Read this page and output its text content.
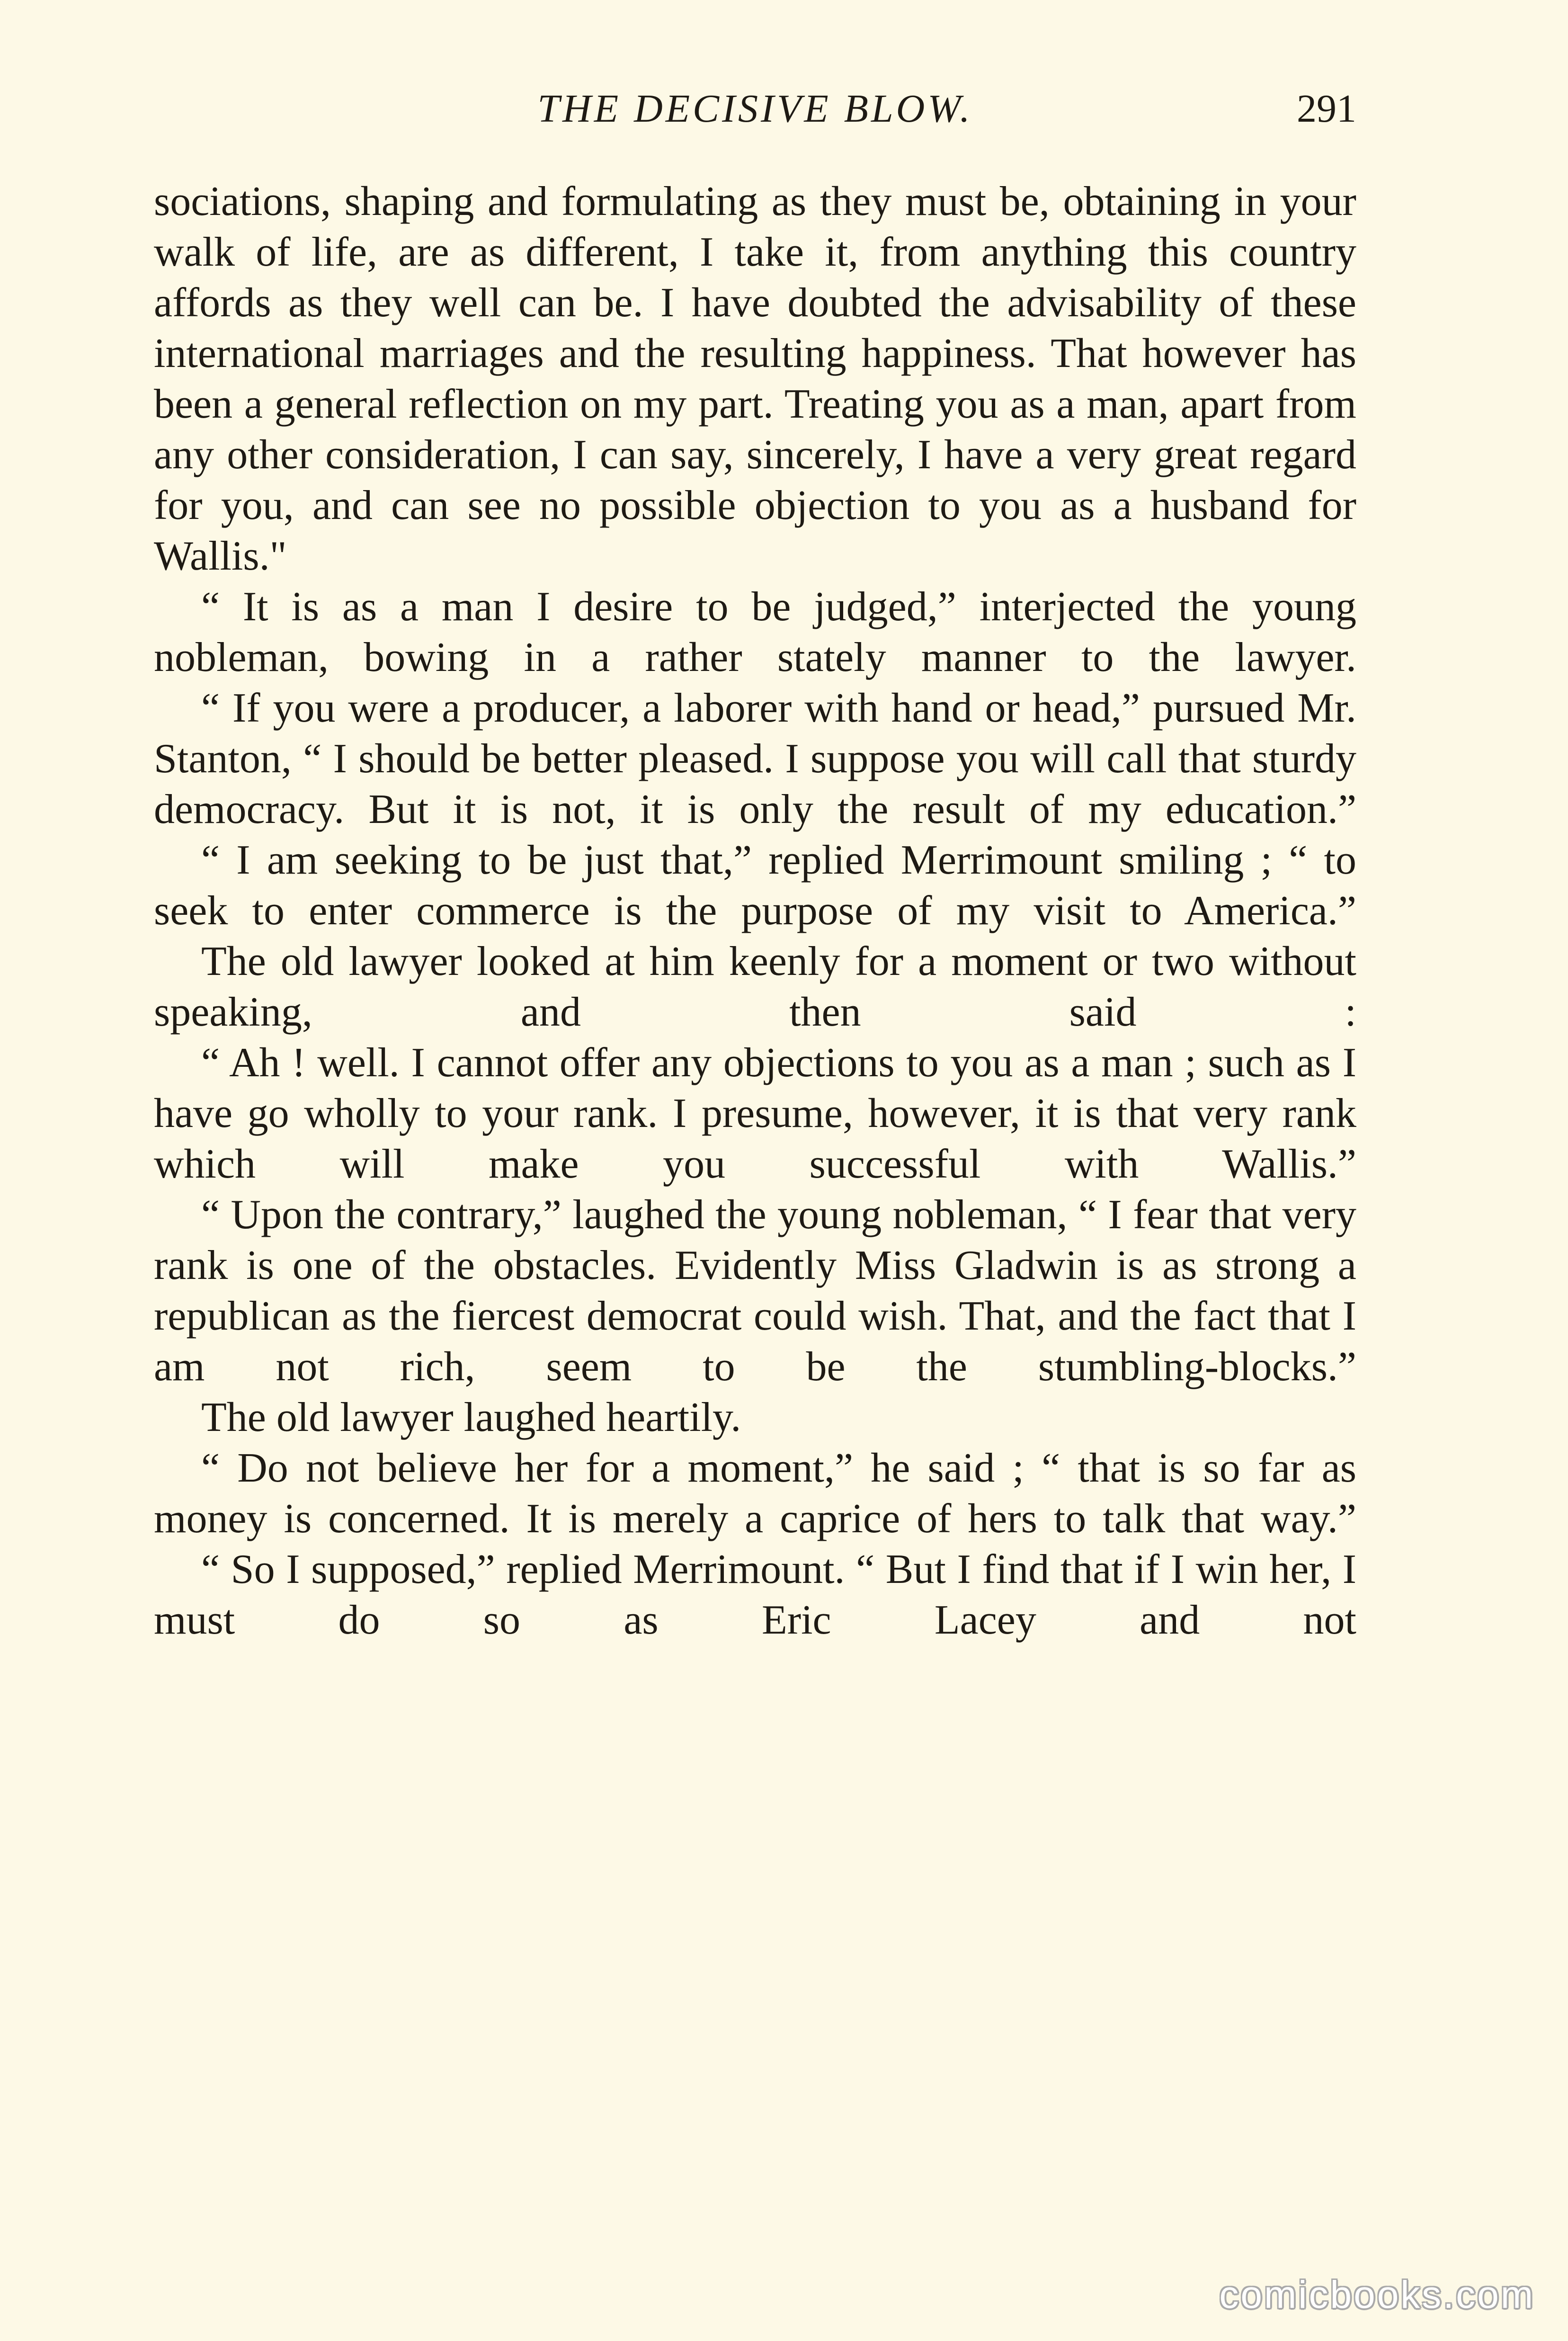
THE DECISIVE BLOW.	291

sociations, shaping and formulating as they must be, obtaining in your walk of life, are as different, I take it, from anything this country affords as they well can be. I have doubted the advisability of these international marriages and the resulting happiness. That however has been a general reflection on my part. Treating you as a man, apart from any other consideration, I can say, sincerely, I have a very great regard for you, and can see no possible objection to you as a husband for Wallis."

“ It is as a man I desire to be judged,” interjected the young nobleman, bowing in a rather stately manner to the lawyer.

“ If you were a producer, a laborer with hand or head,” pursued Mr. Stanton, “ I should be better pleased. I suppose you will call that sturdy democracy. But it is not, it is only the result of my education.”

“ I am seeking to be just that,” replied Merrimount smiling ; “ to seek to enter commerce is the purpose of my visit to America.”

The old lawyer looked at him keenly for a moment or two without speaking, and then said :

“ Ah ! well. I cannot offer any objections to you as a man ; such as I have go wholly to your rank. I presume, however, it is that very rank which will make you successful with Wallis.”

“ Upon the contrary,” laughed the young nobleman, “ I fear that very rank is one of the obstacles. Evidently Miss Gladwin is as strong a republican as the fiercest democrat could wish. That, and the fact that I am not rich, seem to be the stumbling-blocks.”

The old lawyer laughed heartily.

“ Do not believe her for a moment,” he said ; “ that is so far as money is concerned. It is merely a caprice of hers to talk that way.”

“ So I supposed,” replied Merrimount. “ But I find that if I win her, I must do so as Eric Lacey and not

comicbooks.com
